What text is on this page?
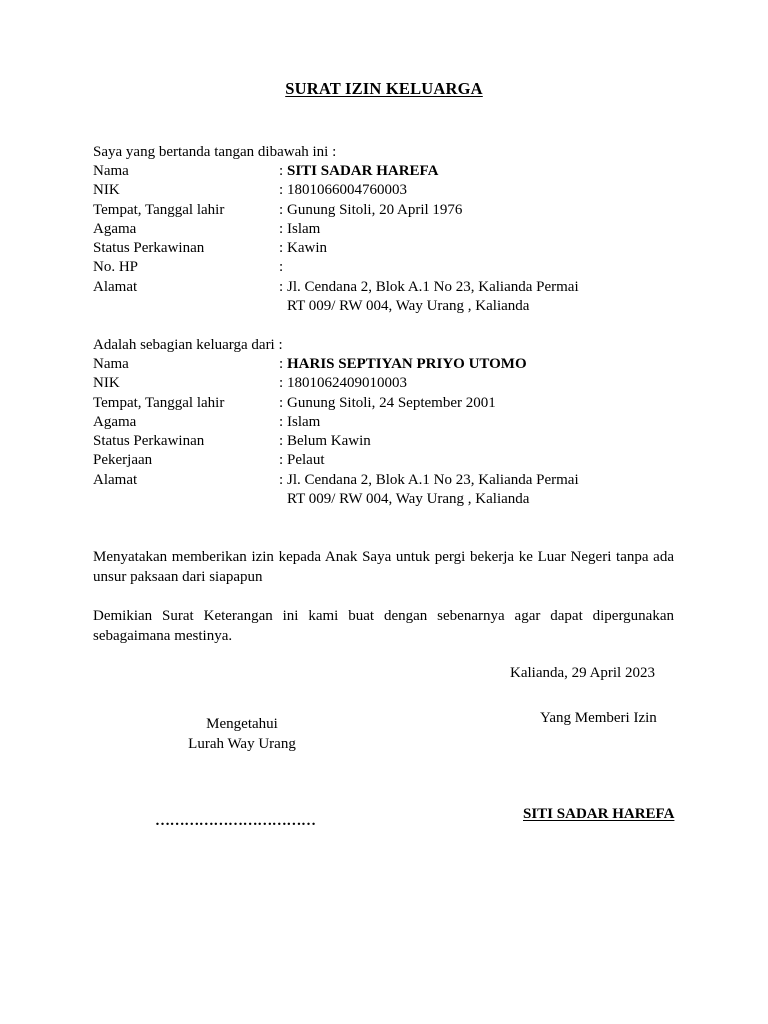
SURAT IZIN KELUARGA
Saya yang bertanda tangan dibawah ini :
Nama	: SITI SADAR HAREFA
NIK	: 1801066004760003
Tempat, Tanggal lahir	: Gunung Sitoli, 20 April 1976
Agama	: Islam
Status Perkawinan	: Kawin
No. HP	:
Alamat	: Jl. Cendana 2, Blok A.1 No 23, Kalianda Permai
RT 009/ RW 004, Way Urang , Kalianda
Adalah sebagian keluarga dari :
Nama	: HARIS SEPTIYAN PRIYO UTOMO
NIK	: 1801062409010003
Tempat, Tanggal lahir	: Gunung Sitoli, 24 September 2001
Agama	: Islam
Status Perkawinan	: Belum Kawin
Pekerjaan	: Pelaut
Alamat	: Jl. Cendana 2, Blok A.1 No 23, Kalianda Permai
RT 009/ RW 004, Way Urang , Kalianda
Menyatakan memberikan izin kepada Anak Saya untuk pergi bekerja ke Luar Negeri tanpa ada unsur paksaan dari siapapun
Demikian Surat Keterangan ini kami buat dengan sebenarnya agar dapat dipergunakan sebagaimana mestinya.
Kalianda, 29 April 2023
Yang Memberi Izin
Mengetahui
Lurah Way Urang
……………………………	SITI SADAR HAREFA
